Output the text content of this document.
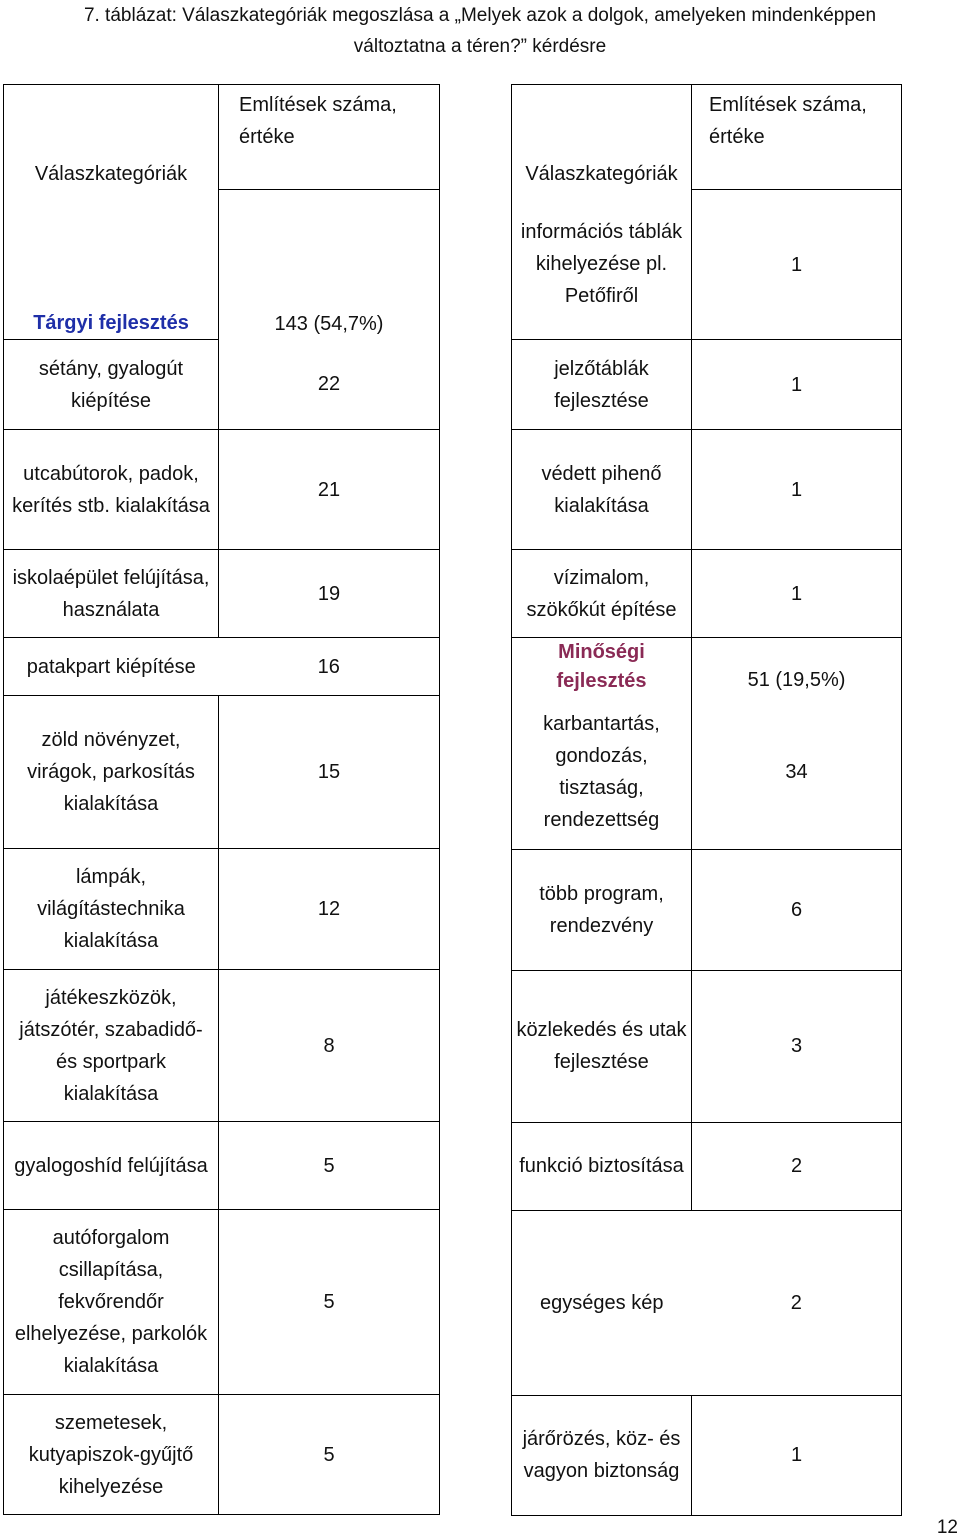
7. táblázat: Válaszkategóriák megoszlása a „Melyek azok a dolgok, amelyeken mindenképpen
változtatna a téren?” kérdésre
Válaszkategóriák	Említések száma, értéke

Tárgyi fejlesztés	143 (54,7%)
sétány, gyalogút kiépítése	22
utcabútorok, padok, kerítés stb. kialakítása	21
iskolaépület felújítása, használata	19
patakpart kiépítése	16
zöld növényzet, virágok, parkosítás kialakítása	15
lámpák, világítástechnika kialakítása	12
játékeszközök, játszótér, szabadidő- és sportpark kialakítása	8
gyalogoshíd felújítása	5
autóforgalom csillapítása, fekvőrendőr elhelyezése, parkolók kialakítása	5
szemetesek, kutyapiszok-gyűjtő kihelyezése	5
Válaszkategóriák	Említések száma, értéke

információs táblák kihelyezése pl. Petőfiről	1
jelzőtáblák fejlesztése	1
védett pihenő kialakítása	1
vízimalom, szökőkút építése	1

Minőségi fejlesztés	51 (19,5%)
karbantartás, gondozás, tisztaság, rendezettség	34
több program, rendezvény	6
közlekedés és utak fejlesztése	3
funkció biztosítása	2
egységes kép	2
járőrözés, köz- és vagyon biztonság	1
12
